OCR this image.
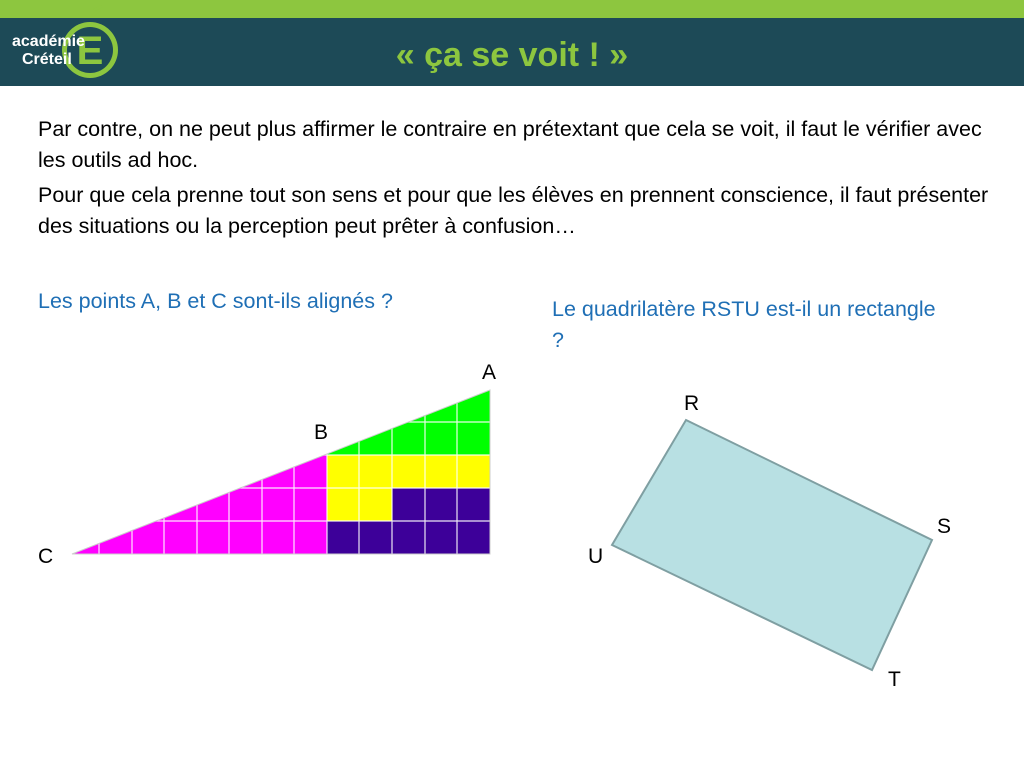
E
académie
Créteil	« ça se voit ! »

Par contre, on ne peut plus affirmer le contraire en prétextant que cela se voit, il faut le vérifier avec les outils ad hoc.

Pour que cela prenne tout son sens et pour que les élèves en prennent conscience, il faut présenter des situations ou la perception peut prêter à confusion…

Les points A, B et C sont-ils alignés ?	Le quadrilatère RSTU est-il un rectangle ?

A
B
C
R
S
T
U
